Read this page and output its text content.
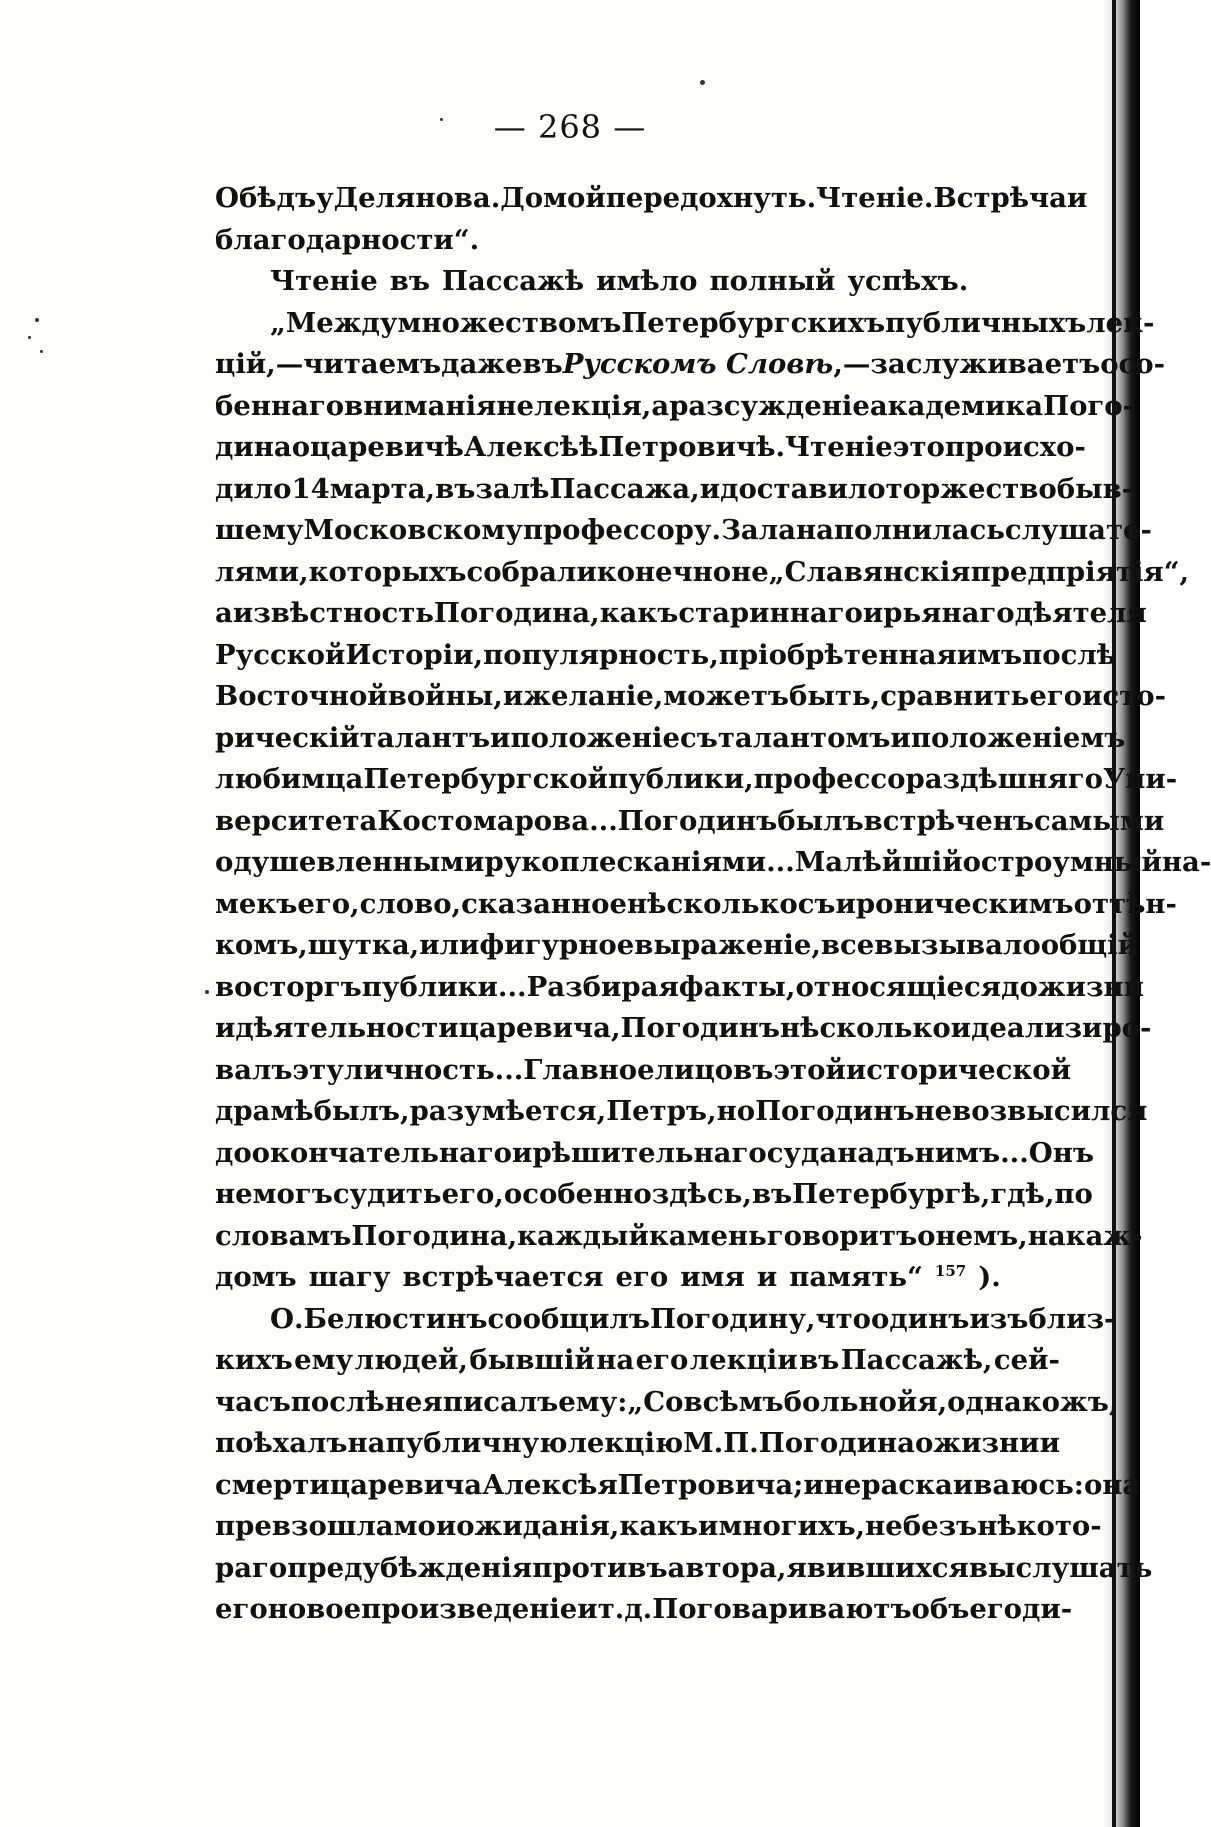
— 268 —
Обѣдъ у Делянова. Домой передохнуть. Чтеніе. Встрѣча и
благодарности“.
Чтеніе въ Пассажѣ имѣло полный успѣхъ.
„Между множествомъ Петербургскихъ публичныхъ лек-
цій,—читаемъ даже въ Русскомъ Словѣ,—заслуживаетъ осо-
беннаго вниманія не лекція, а разсужденіе академика Пого-
дина о царевичѣ Алексѣѣ Петровичѣ. Чтеніе это происхо-
дило 14 марта, въ залѣ Пассажа, и доставило торжество быв-
шему Московскому профессору. Зала наполнилась слушате-
лями, которыхъ собрали конечно не „Славянскія предпріятія“,
а извѣстность Погодина, какъ стариннаго и рьянаго дѣятеля
Русской Исторіи, популярность, пріобрѣтенная имъ послѣ
Восточной войны, и желаніе, можетъ быть, сравнить его исто-
рическій талантъ и положеніе съ талантомъ и положеніемъ
любимца Петербургской публики, профессора здѣшняго Уни-
верситета Костомарова... Погодинъ былъ встрѣченъ самыми
одушевленными рукоплесканіями... Малѣйшій остроумный на-
мекъ его, слово, сказанное нѣсколько съ ироническимъ оттѣн-
комъ, шутка, или фигурное выраженіе, все вызывало общій
восторгъ публики... Разбирая факты, относящіеся до жизни
и дѣятельности царевича, Погодинъ нѣсколько идеализиро-
валъ эту личность... Главное лицо въ этой исторической
драмѣ былъ, разумѣется, Петръ, но Погодинъ не возвысился
до окончательнаго и рѣшительнаго суда надъ нимъ... Онъ
не могъ судить его, особенно здѣсь, въ Петербургѣ, гдѣ, по
словамъ Погодина, каждый камень говоритъ о немъ, на каж-
домъ шагу встрѣчается его имя и память“ 157 ).
О. Белюстинъ сообщилъ Погодину, что одинъ изъ близ-
кихъ ему людей, бывшій на его лекціи въ Пассажѣ, сей-
часъ послѣ нея писалъ ему: „Совсѣмъ больной я, однакожъ,
поѣхалъ на публичную лекцію М. П. Погодина о жизни и
смерти царевича Алексѣя Петровича; и не раскаиваюсь: она
превзошла мои ожиданія, какъ и многихъ, не безъ нѣкото-
раго предубѣжденія противъ автора, явившихся выслушать
его новое произведеніе и т. д. Поговариваютъ объ его ди-
